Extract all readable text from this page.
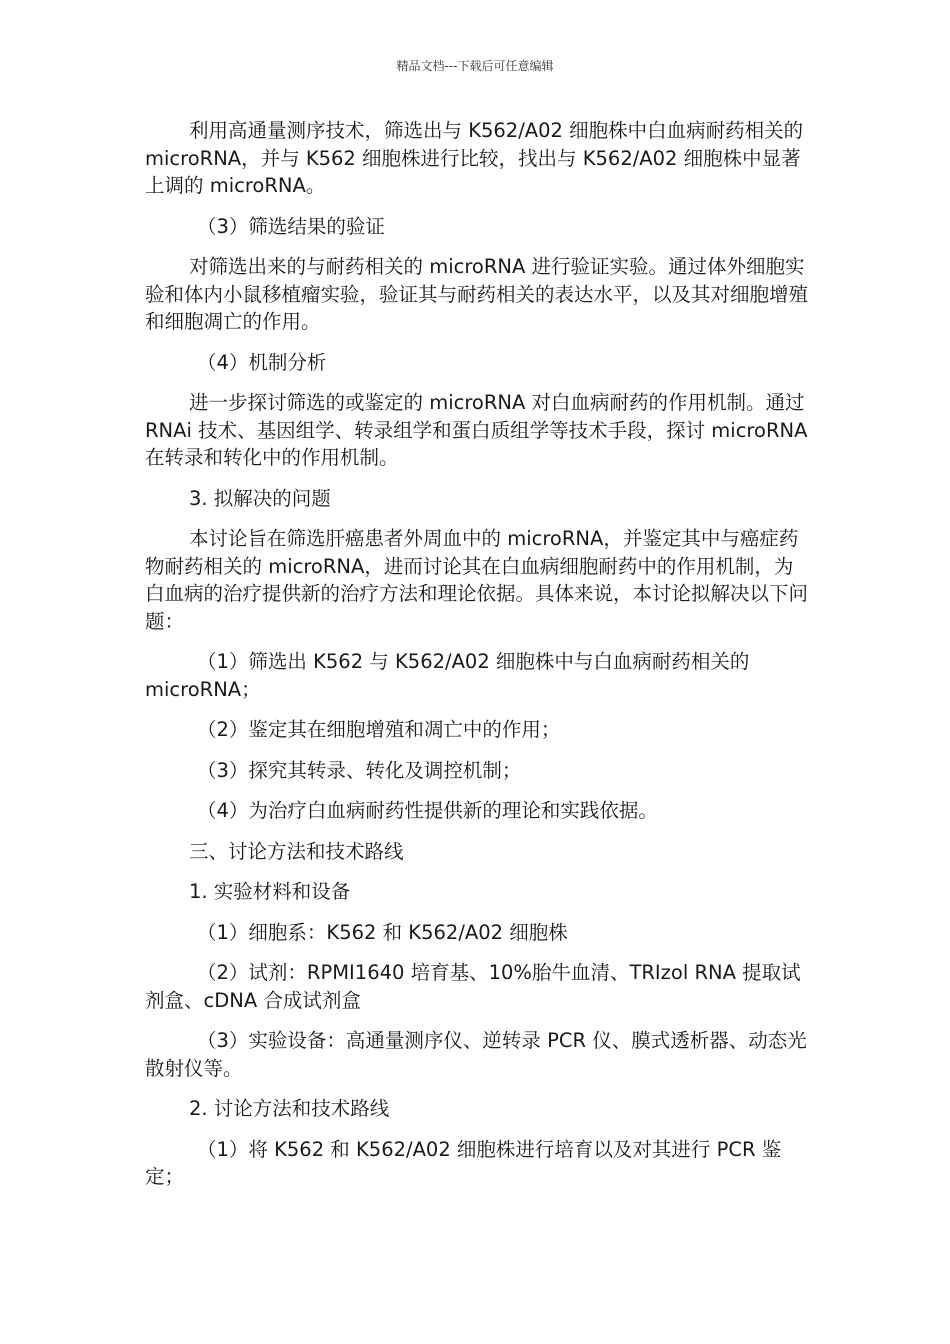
精品文档---下载后可任意编辑

利用高通量测序技术，筛选出与 K562/A02 细胞株中白血病耐药相关的 microRNA，并与 K562 细胞株进行比较，找出与 K562/A02 细胞株中显著上调的 microRNA。

（3）筛选结果的验证

对筛选出来的与耐药相关的 microRNA 进行验证实验。通过体外细胞实验和体内小鼠移植瘤实验，验证其与耐药相关的表达水平，以及其对细胞增殖和细胞凋亡的作用。

（4）机制分析

进一步探讨筛选的或鉴定的 microRNA 对白血病耐药的作用机制。通过 RNAi 技术、基因组学、转录组学和蛋白质组学等技术手段，探讨 microRNA 在转录和转化中的作用机制。

3. 拟解决的问题

本讨论旨在筛选肝癌患者外周血中的 microRNA，并鉴定其中与癌症药物耐药相关的 microRNA，进而讨论其在白血病细胞耐药中的作用机制，为白血病的治疗提供新的治疗方法和理论依据。具体来说，本讨论拟解决以下问题：

（1）筛选出 K562 与 K562/A02 细胞株中与白血病耐药相关的 microRNA；

（2）鉴定其在细胞增殖和凋亡中的作用；

（3）探究其转录、转化及调控机制；

（4）为治疗白血病耐药性提供新的理论和实践依据。

三、讨论方法和技术路线

1. 实验材料和设备

（1）细胞系：K562 和 K562/A02 细胞株

（2）试剂：RPMI1640 培育基、10%胎牛血清、TRIzol RNA 提取试剂盒、cDNA 合成试剂盒

（3）实验设备：高通量测序仪、逆转录 PCR 仪、膜式透析器、动态光散射仪等。

2. 讨论方法和技术路线

（1）将 K562 和 K562/A02 细胞株进行培育以及对其进行 PCR 鉴定；
